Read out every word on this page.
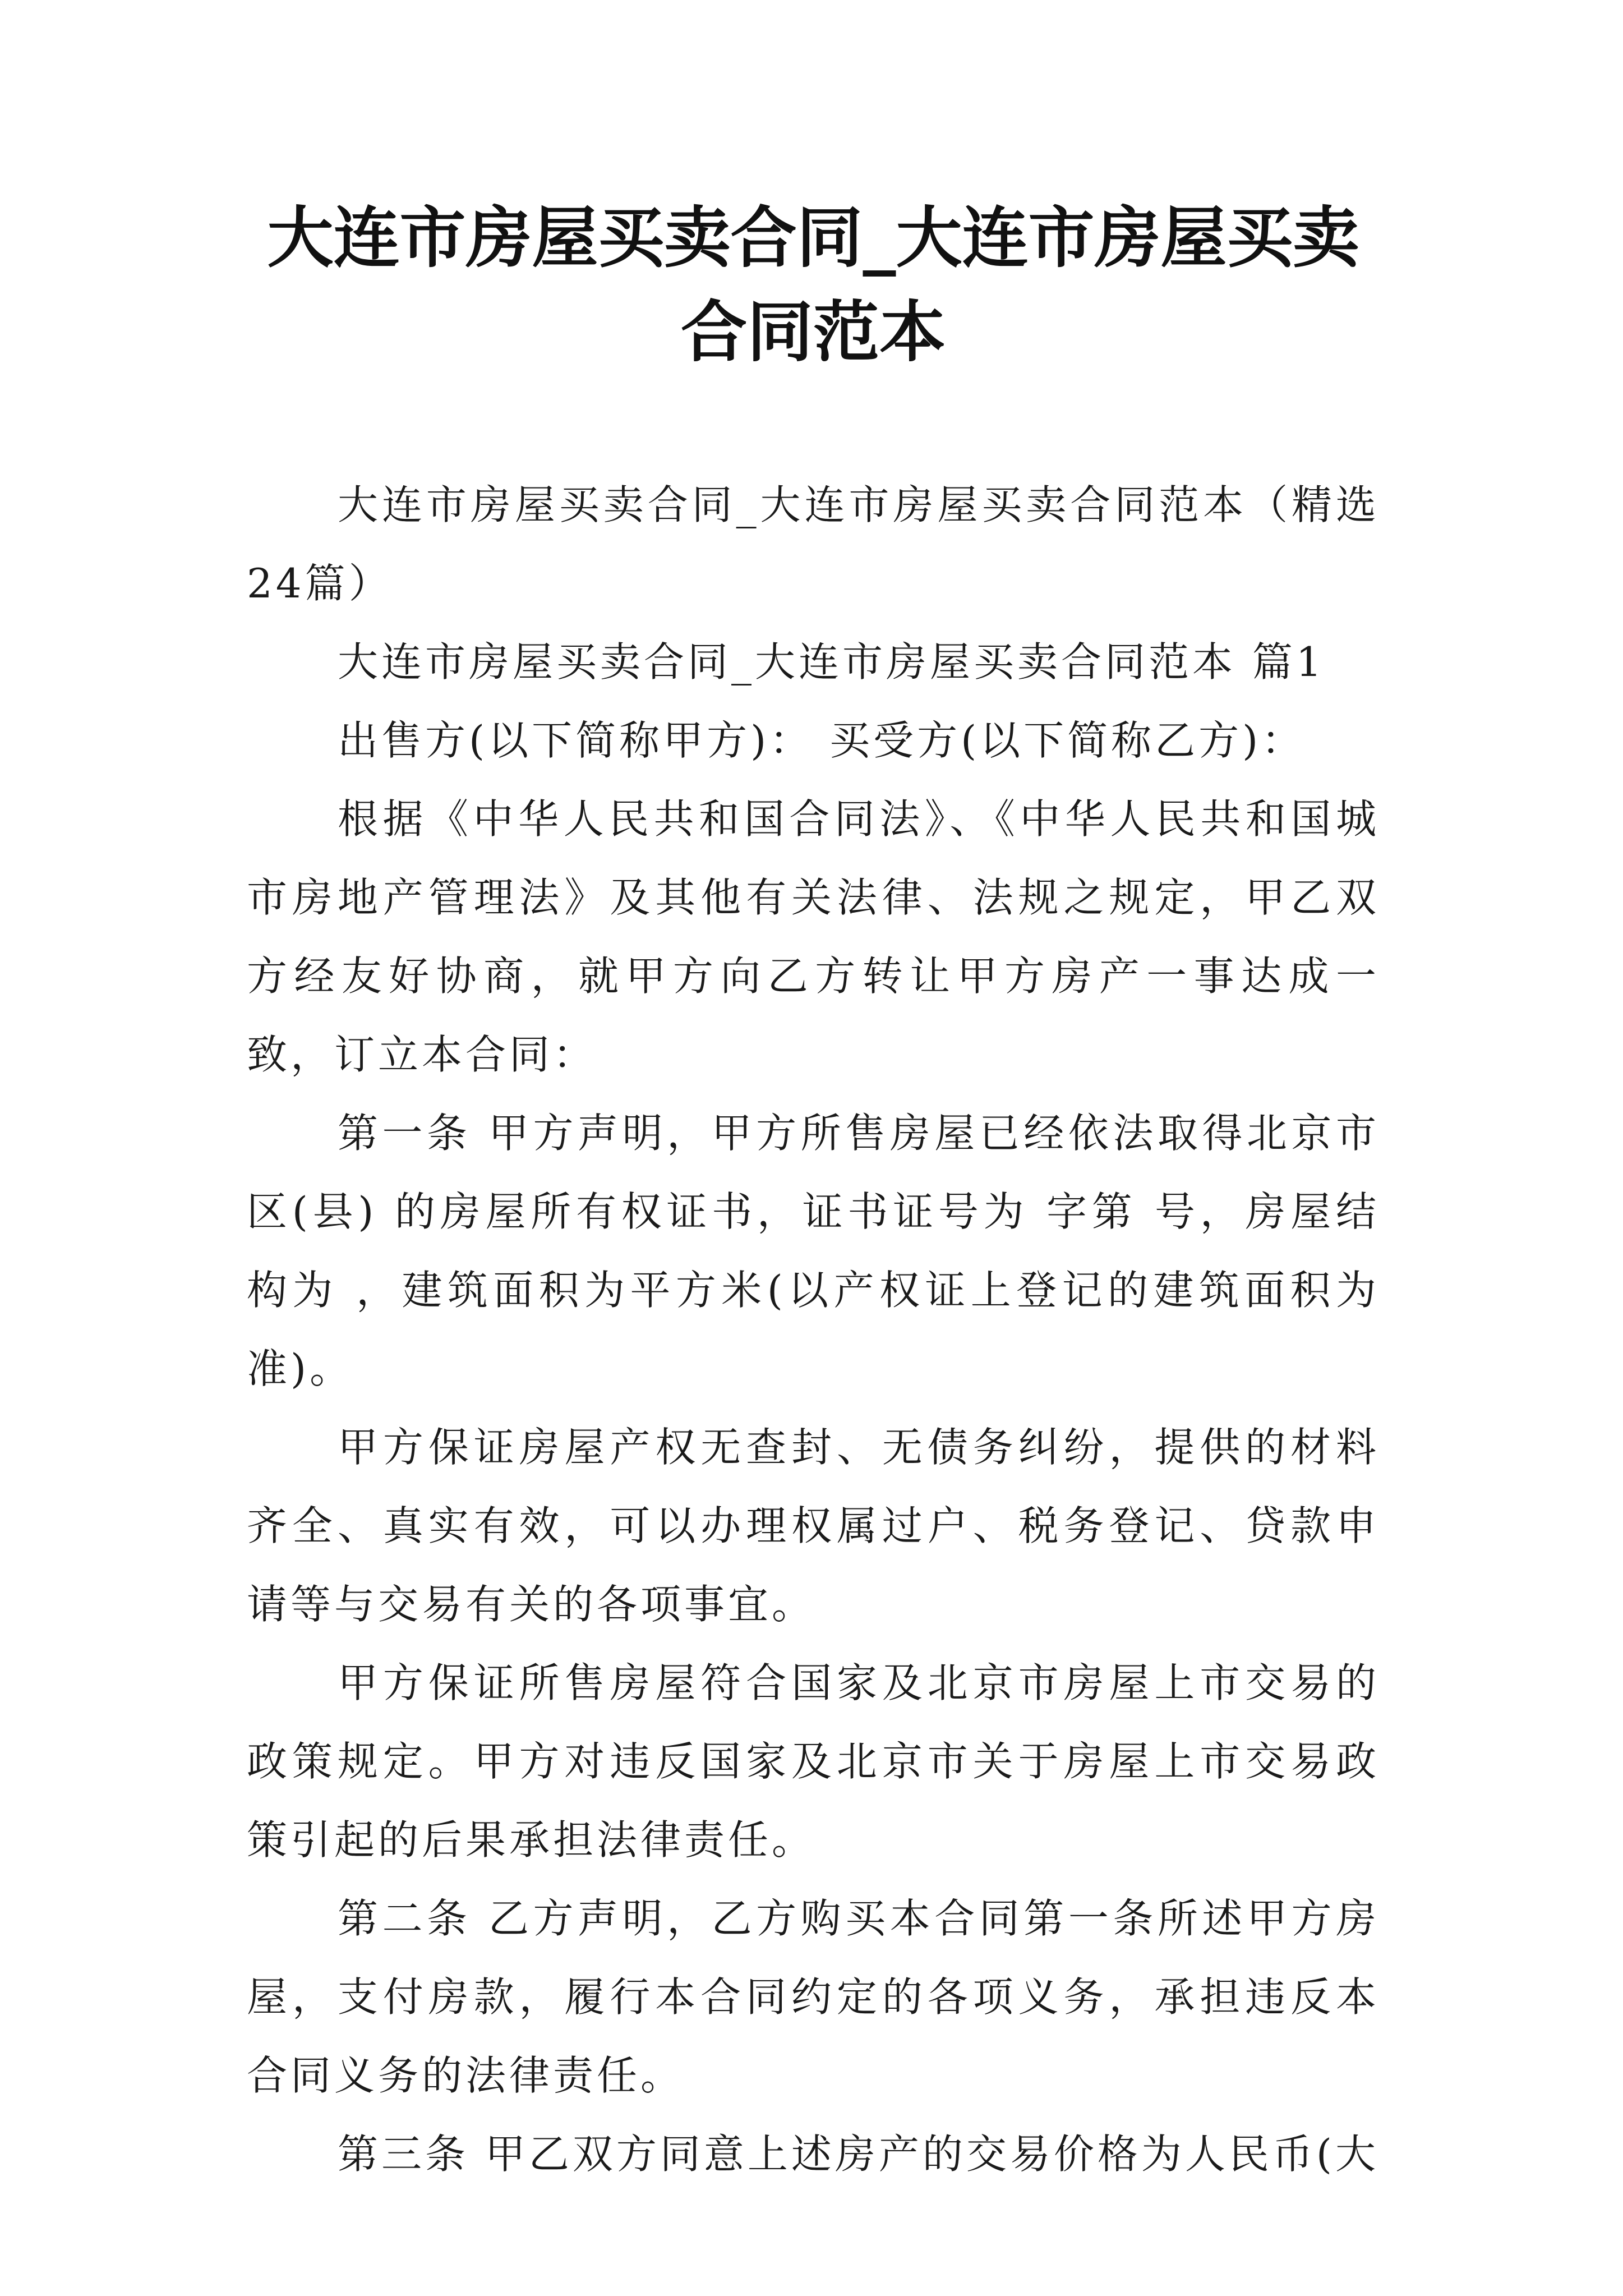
大连市房屋买卖合同_大连市房屋买卖合同范本

大连市房屋买卖合同_大连市房屋买卖合同范本（精选24篇）

大连市房屋买卖合同_大连市房屋买卖合同范本 篇1

出售方(以下简称甲方)： 买受方(以下简称乙方)：

根据《中华人民共和国合同法》、《中华人民共和国城市房地产管理法》及其他有关法律、法规之规定，甲乙双方经友好协商，就甲方向乙方转让甲方房产一事达成一致，订立本合同：

第一条 甲方声明，甲方所售房屋已经依法取得北京市区(县) 的房屋所有权证书，证书证号为 字第 号，房屋结构为 ，建筑面积为平方米(以产权证上登记的建筑面积为准)。

甲方保证房屋产权无查封、无债务纠纷，提供的材料齐全、真实有效，可以办理权属过户、税务登记、贷款申请等与交易有关的各项事宜。

甲方保证所售房屋符合国家及北京市房屋上市交易的政策规定。甲方对违反国家及北京市关于房屋上市交易政策引起的后果承担法律责任。

第二条 乙方声明，乙方购买本合同第一条所述甲方房屋，支付房款，履行本合同约定的各项义务，承担违反本合同义务的法律责任。

第三条 甲乙双方同意上述房产的交易价格为人民币(大
